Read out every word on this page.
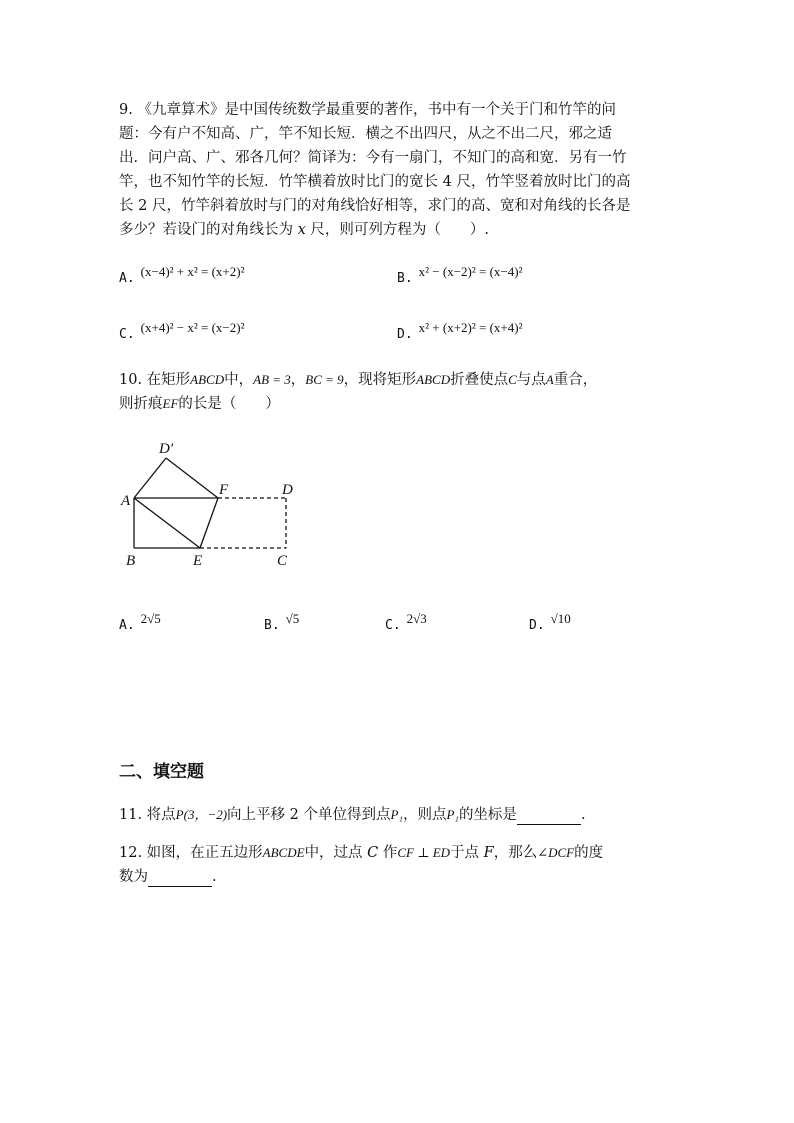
9. 《九章算术》是中国传统数学最重要的著作，书中有一个关于门和竹竿的问
题：今有户不知高、广，竿不知长短．横之不出四尺，从之不出二尺，邪之适
出．问户高、广、邪各几何？简译为：今有一扇门，不知门的高和宽．另有一竹
竿，也不知竹竿的长短．竹竿横着放时比门的宽长 4 尺，竹竿竖着放时比门的高
长 2 尺，竹竿斜着放时与门的对角线恰好相等，求门的高、宽和对角线的长各是
多少？若设门的对角线长为 x 尺，则可列方程为（　　）.
A. (x−4)² + x² = (x+2)²	B. x² − (x−2)² = (x−4)²
C. (x+4)² − x² = (x−2)²	D. x² + (x+2)² = (x+4)²
10. 在矩形ABCD中，AB = 3，BC = 9，现将矩形ABCD折叠使点C与点A重合，
则折痕EF的长是（　　）
D′
A
F	D
B	E	C
A. 2√5	B. √5	C. 2√3	D. √10
二、填空题
11. 将点P(3，−2)向上平移 2 个单位得到点P₁，则点P₁的坐标是	.
12. 如图，在正五边形ABCDE中，过点 C 作CF ⊥ ED于点 F，那么∠DCF的度
数为	.
